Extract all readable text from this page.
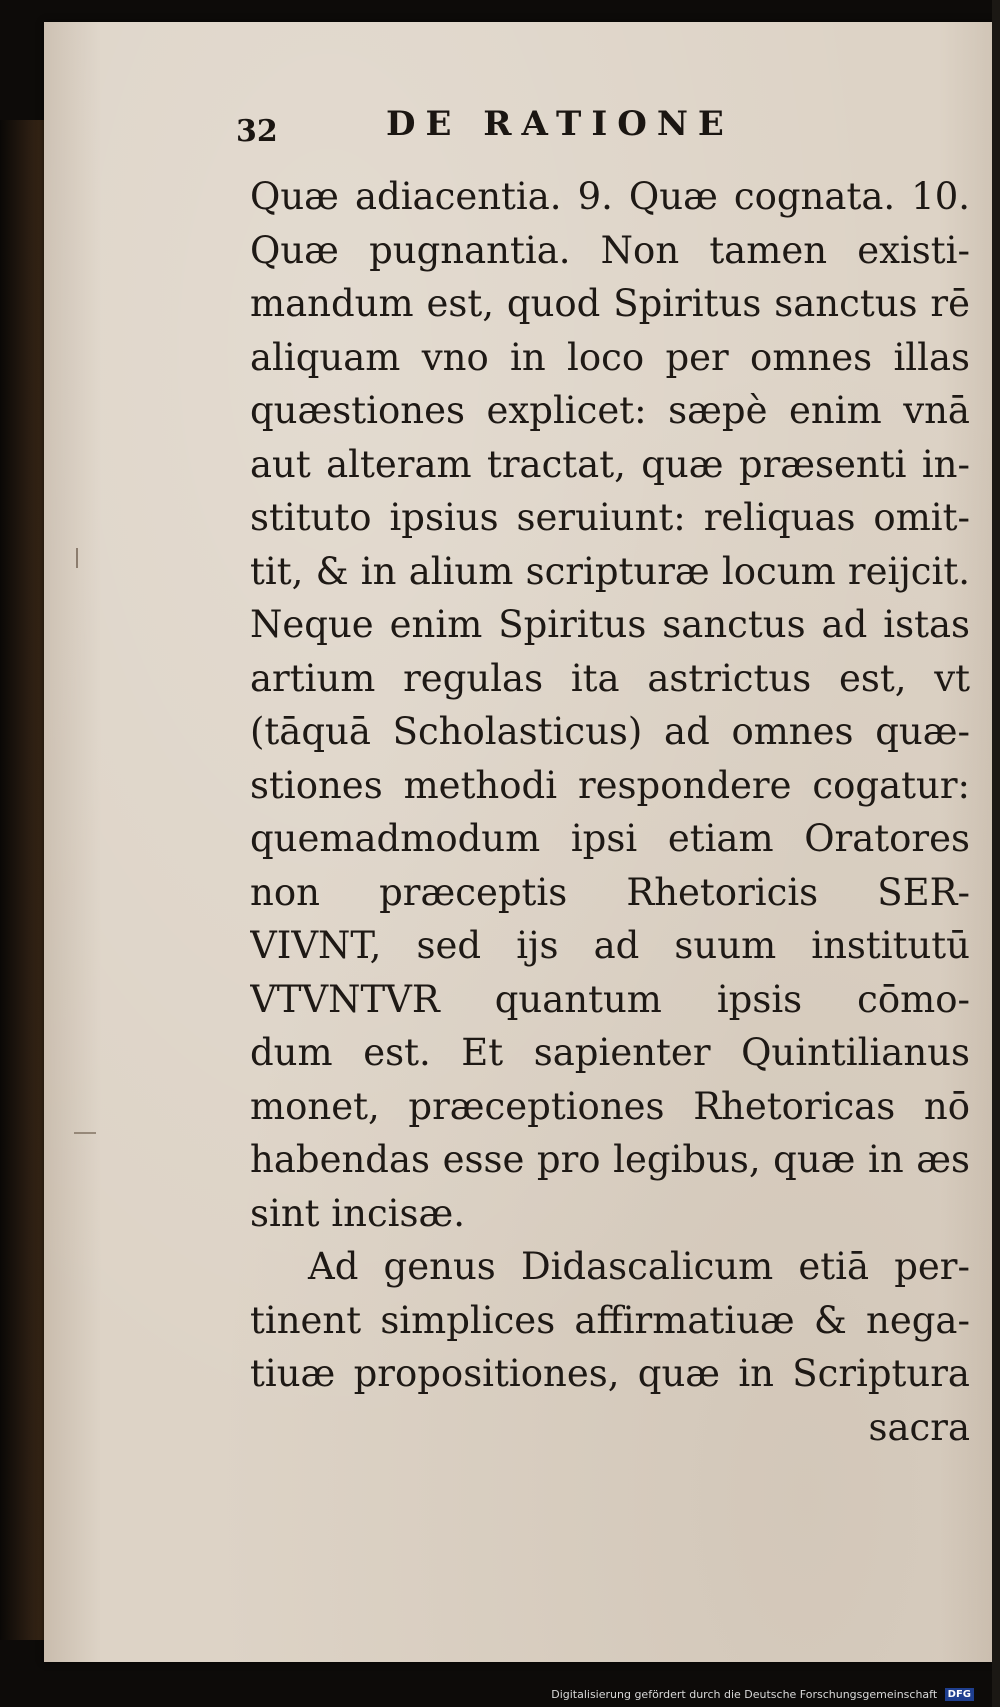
32	DE RATIONE
Quæ adiacentia. 9. Quæ cognata. 10.
Quæ pugnantia. Non tamen existi-
mandum est, quod Spiritus sanctus rē
aliquam vno in loco per omnes illas
quæstiones explicet: sæpè enim vnā
aut alteram tractat, quæ præsenti in-
stituto ipsius seruiunt: reliquas omit-
tit, & in alium scripturæ locum reijcit.
Neque enim Spiritus sanctus ad istas
artium regulas ita astrictus est, vt
(tāquā Scholasticus) ad omnes quæ-
stiones methodi respondere cogatur:
quemadmodum ipsi etiam Oratores
non præceptis Rhetoricis SER-
VIVNT, sed ijs ad suum institutū
VTVNTVR quantum ipsis cōmo-
dum est. Et sapienter Quintilianus
monet, præceptiones Rhetoricas nō
habendas esse pro legibus, quæ in æs
sint incisæ.
Ad genus Didascalicum etiā per-
tinent simplices affirmatiuæ & nega-
tiuæ propositiones, quæ in Scriptura
sacra
Digitalisierung gefördert durch die Deutsche Forschungsgemeinschaft DFG
